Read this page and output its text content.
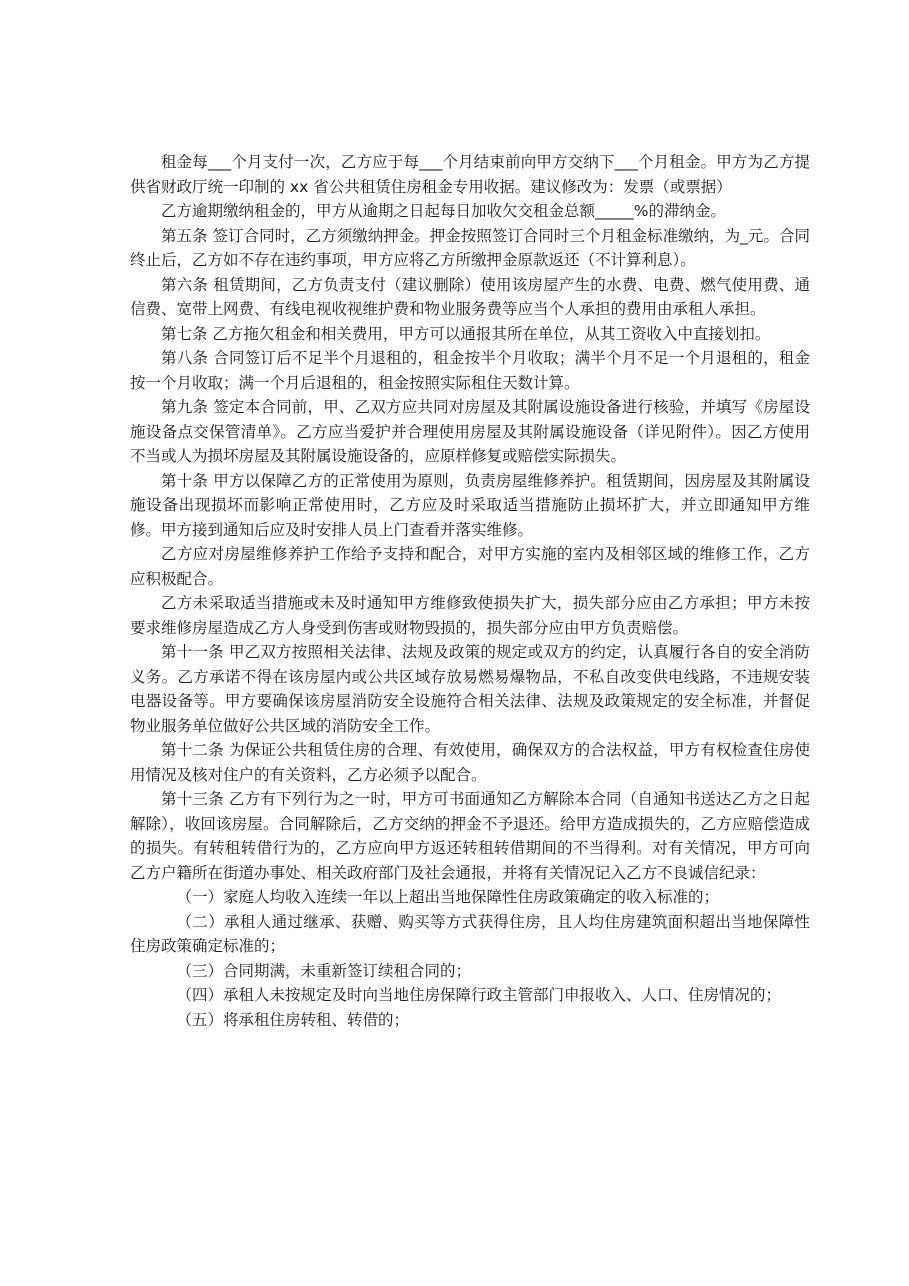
租金每___个月支付一次，乙方应于每___个月结束前向甲方交纳下___个月租金。甲方为乙方提供省财政厅统一印制的 xx 省公共租赁住房租金专用收据。建议修改为：发票（或票据）

乙方逾期缴纳租金的，甲方从逾期之日起每日加收欠交租金总额_____%的滞纳金。

第五条 签订合同时，乙方须缴纳押金。押金按照签订合同时三个月租金标准缴纳，为_元。合同终止后，乙方如不存在违约事项，甲方应将乙方所缴押金原款返还（不计算利息）。

第六条 租赁期间，乙方负责支付（建议删除）使用该房屋产生的水费、电费、燃气使用费、通信费、宽带上网费、有线电视收视维护费和物业服务费等应当个人承担的费用由承租人承担。

第七条 乙方拖欠租金和相关费用，甲方可以通报其所在单位，从其工资收入中直接划扣。

第八条 合同签订后不足半个月退租的，租金按半个月收取；满半个月不足一个月退租的，租金按一个月收取；满一个月后退租的，租金按照实际租住天数计算。

第九条 签定本合同前，甲、乙双方应共同对房屋及其附属设施设备进行核验，并填写《房屋设施设备点交保管清单》。乙方应当爱护并合理使用房屋及其附属设施设备（详见附件）。因乙方使用不当或人为损坏房屋及其附属设施设备的，应原样修复或赔偿实际损失。

第十条 甲方以保障乙方的正常使用为原则，负责房屋维修养护。租赁期间，因房屋及其附属设施设备出现损坏而影响正常使用时，乙方应及时采取适当措施防止损坏扩大，并立即通知甲方维修。甲方接到通知后应及时安排人员上门查看并落实维修。

乙方应对房屋维修养护工作给予支持和配合，对甲方实施的室内及相邻区域的维修工作，乙方应积极配合。

乙方未采取适当措施或未及时通知甲方维修致使损失扩大，损失部分应由乙方承担；甲方未按要求维修房屋造成乙方人身受到伤害或财物毁损的，损失部分应由甲方负责赔偿。

第十一条 甲乙双方按照相关法律、法规及政策的规定或双方的约定，认真履行各自的安全消防义务。乙方承诺不得在该房屋内或公共区域存放易燃易爆物品，不私自改变供电线路，不违规安装电器设备等。甲方要确保该房屋消防安全设施符合相关法律、法规及政策规定的安全标准，并督促物业服务单位做好公共区域的消防安全工作。

第十二条 为保证公共租赁住房的合理、有效使用，确保双方的合法权益，甲方有权检查住房使用情况及核对住户的有关资料，乙方必须予以配合。

第十三条 乙方有下列行为之一时，甲方可书面通知乙方解除本合同（自通知书送达乙方之日起解除），收回该房屋。合同解除后，乙方交纳的押金不予退还。给甲方造成损失的，乙方应赔偿造成的损失。有转租转借行为的，乙方应向甲方返还转租转借期间的不当得利。对有关情况，甲方可向乙方户籍所在街道办事处、相关政府部门及社会通报，并将有关情况记入乙方不良诚信纪录：

（一）家庭人均收入连续一年以上超出当地保障性住房政策确定的收入标准的；

（二）承租人通过继承、获赠、购买等方式获得住房，且人均住房建筑面积超出当地保障性住房政策确定标准的；

（三）合同期满，未重新签订续租合同的；

（四）承租人未按规定及时向当地住房保障行政主管部门申报收入、人口、住房情况的；

（五）将承租住房转租、转借的；
